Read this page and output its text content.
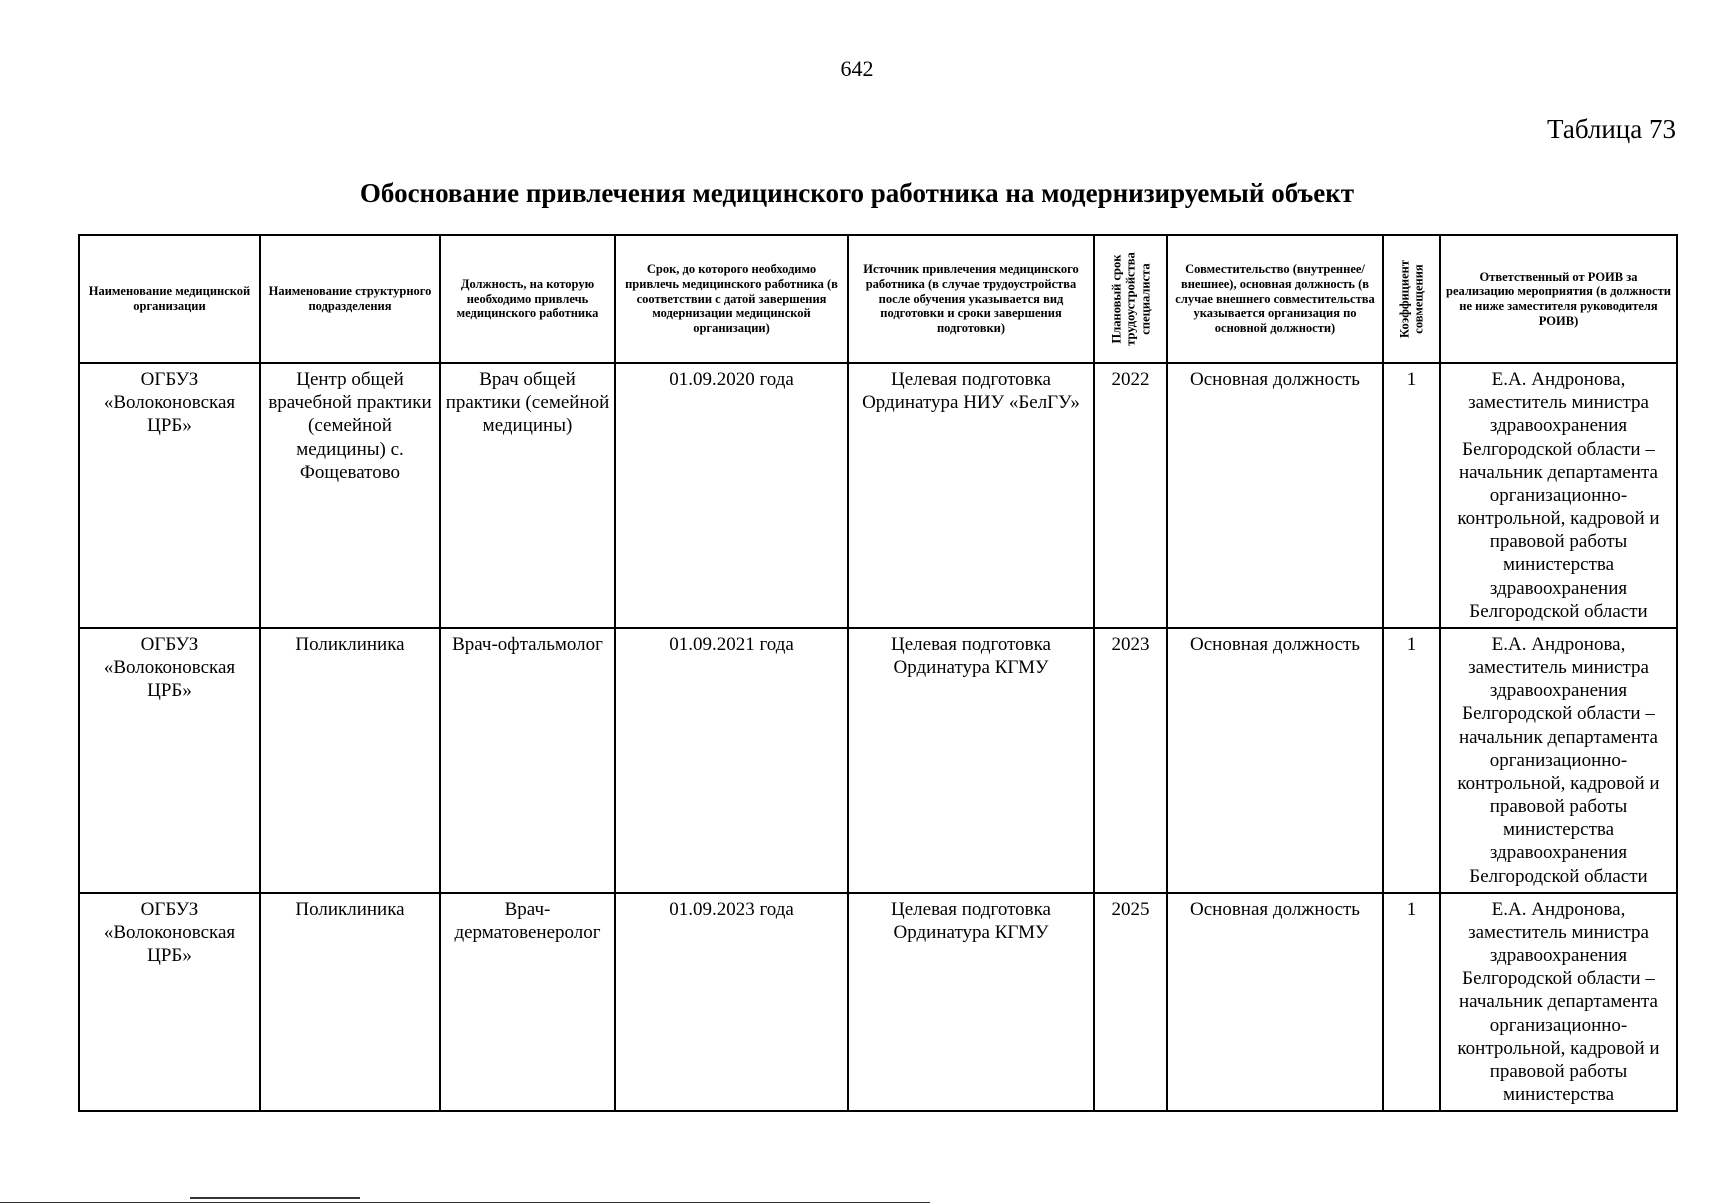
642
Таблица 73
Обоснование привлечения медицинского работника на модернизируемый объект
Наименование медицинской организации	Наименование структурного подразделения	Должность, на которую необходимо привлечь медицинского работника	Срок, до которого необходимо привлечь медицинского работника (в соответствии с датой завершения модернизации медицинской организации)	Источник привлечения медицинского работника (в случае трудоустройства после обучения указывается вид подготовки и сроки завершения подготовки)	Плановый срок трудоустройства специалиста	Совместительство (внутреннее/ внешнее), основная должность (в случае внешнего совместительства указывается организация по основной должности)	Коэффициент совмещения	Ответственный от РОИВ за реализацию мероприятия (в должности не ниже заместителя руководителя РОИВ)
ОГБУЗ «Волоконовская ЦРБ»	Центр общей врачебной практики (семейной медицины) с. Фощеватово	Врач общей практики (семейной медицины)	01.09.2020 года	Целевая подготовка Ординатура НИУ «БелГУ»	2022	Основная должность	1	Е.А. Андронова, заместитель министра здравоохранения Белгородской области – начальник департамента организационно-контрольной, кадровой и правовой работы министерства здравоохранения Белгородской области
ОГБУЗ «Волоконовская ЦРБ»	Поликлиника	Врач-офтальмолог	01.09.2021 года	Целевая подготовка Ординатура КГМУ	2023	Основная должность	1	Е.А. Андронова, заместитель министра здравоохранения Белгородской области – начальник департамента организациoнно-контрольной, кадровой и правовой работы министерства здравоохранения Белгородской области
ОГБУЗ «Волоконовская ЦРБ»	Поликлиника	Врач-дерматовенеролог	01.09.2023 года	Целевая подготовка Ординатура КГМУ	2025	Основная должность	1	Е.А. Андронова, заместитель министра здравоохранения Белгородской области – начальник департамента организационно-контрольной, кадровой и правовой работы министерства
